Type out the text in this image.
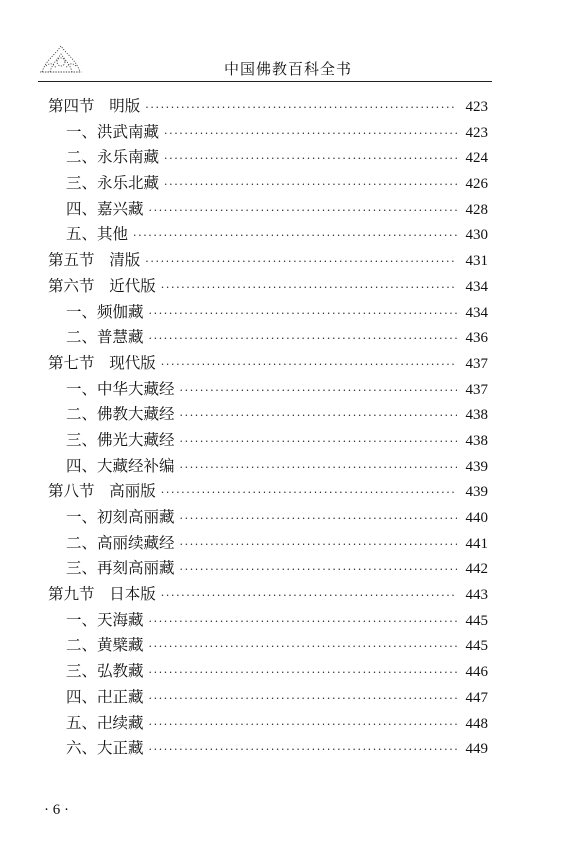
中国佛教百科全书
第四节   明版 ·····	423
一、洪武南藏 ·····	423
二、永乐南藏 ·····	424
三、永乐北藏 ·····	426
四、嘉兴藏 ·····	428
五、其他 ·····	430
第五节   清版 ·····	431
第六节   近代版 ·····	434
一、频伽藏 ·····	434
二、普慧藏 ·····	436
第七节   现代版 ·····	437
一、中华大藏经 ·····	437
二、佛教大藏经 ·····	438
三、佛光大藏经 ·····	438
四、大藏经补编 ·····	439
第八节   高丽版 ·····	439
一、初刻高丽藏 ·····	440
二、高丽续藏经 ·····	441
三、再刻高丽藏 ·····	442
第九节   日本版 ·····	443
一、天海藏 ·····	445
二、黄檗藏 ·····	445
三、弘教藏 ·····	446
四、卍正藏 ·····	447
五、卍续藏 ·····	448
六、大正藏 ·····	449
· 6 ·
